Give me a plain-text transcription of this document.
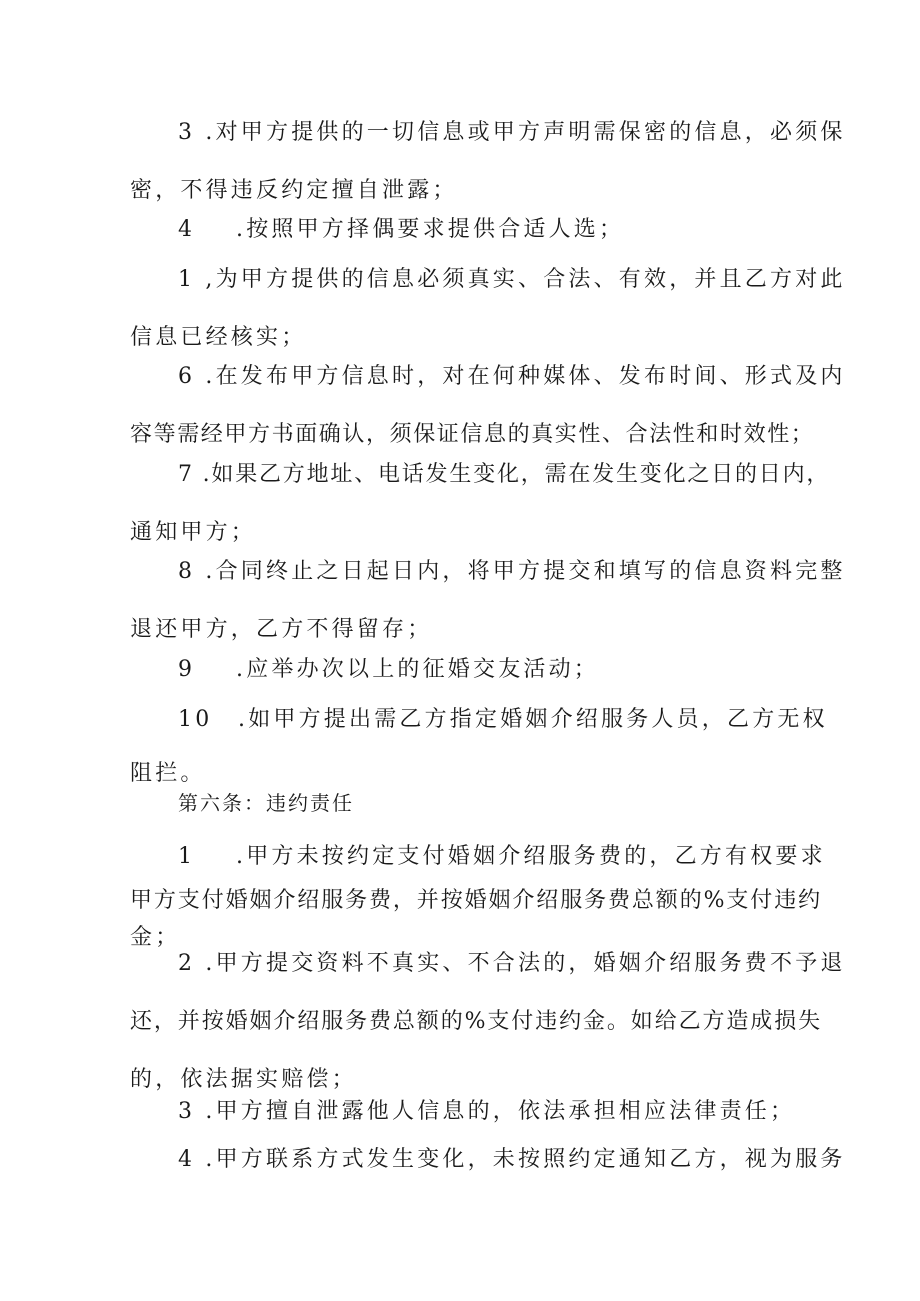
3 .对甲方提供的一切信息或甲方声明需保密的信息，必须保
密，不得违反约定擅自泄露；
4 .按照甲方择偶要求提供合适人选；
1 ,为甲方提供的信息必须真实、合法、有效，并且乙方对此
信息已经核实；
6 .在发布甲方信息时，对在何种媒体、发布时间、形式及内
容等需经甲方书面确认，须保证信息的真实性、合法性和时效性；
7 .如果乙方地址、电话发生变化，需在发生变化之日的日内，
通知甲方；
8 .合同终止之日起日内，将甲方提交和填写的信息资料完整
退还甲方，乙方不得留存；
9 .应举办次以上的征婚交友活动；
10 .如甲方提出需乙方指定婚姻介绍服务人员，乙方无权
阻拦。
第六条：违约责任
1 .甲方未按约定支付婚姻介绍服务费的，乙方有权要求
甲方支付婚姻介绍服务费，并按婚姻介绍服务费总额的%支付违约
金；
2 .甲方提交资料不真实、不合法的，婚姻介绍服务费不予退
还，并按婚姻介绍服务费总额的%支付违约金。如给乙方造成损失
的，依法据实赔偿；
3 .甲方擅自泄露他人信息的，依法承担相应法律责任；
4 .甲方联系方式发生变化，未按照约定通知乙方，视为服务
